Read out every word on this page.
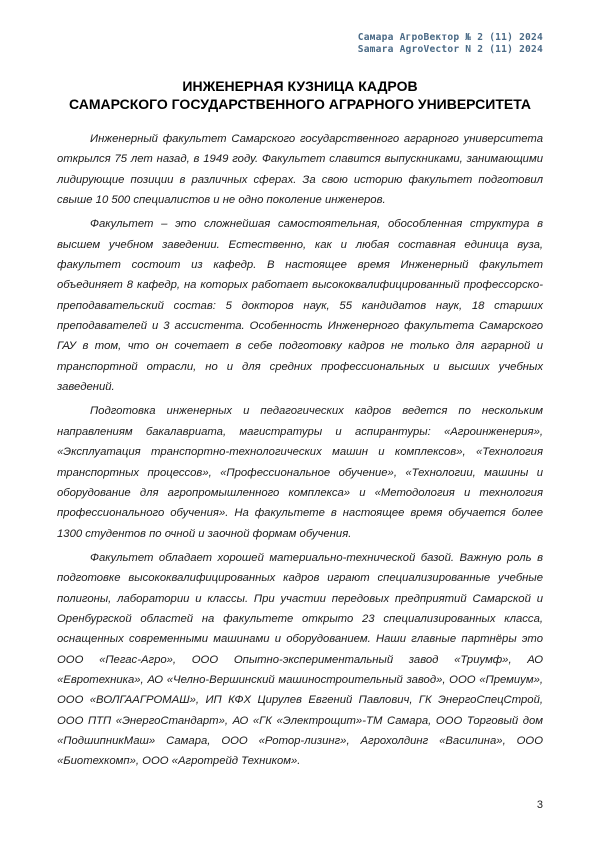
Самара АгроВектор № 2 (11) 2024
Samara AgroVector N 2 (11) 2024
ИНЖЕНЕРНАЯ КУЗНИЦА КАДРОВ
САМАРСКОГО ГОСУДАРСТВЕННОГО АГРАРНОГО УНИВЕРСИТЕТА

Инженерный факультет Самарского государственного аграрного университета открылся 75 лет назад, в 1949 году. Факультет славится выпускниками, занимающими лидирующие позиции в различных сферах. За свою историю факультет подготовил свыше 10 500 специалистов и не одно поколение инженеров.

Факультет – это сложнейшая самостоятельная, обособленная структура в высшем учебном заведении. Естественно, как и любая составная единица вуза, факультет состоит из кафедр. В настоящее время Инженерный факультет объединяет 8 кафедр, на которых работает высококвалифицированный профессорско-преподавательский состав: 5 докторов наук, 55 кандидатов наук, 18 старших преподавателей и 3 ассистента. Особенность Инженерного факультета Самарского ГАУ в том, что он сочетает в себе подготовку кадров не только для аграрной и транспортной отрасли, но и для средних профессиональных и высших учебных заведений.

Подготовка инженерных и педагогических кадров ведется по нескольким направлениям бакалавриата, магистратуры и аспирантуры: «Агроинженерия», «Эксплуатация транспортно-технологических машин и комплексов», «Технология транспортных процессов», «Профессиональное обучение», «Технологии, машины и оборудование для агропромышленного комплекса» и «Методология и технология профессионального обучения». На факультете в настоящее время обучается более 1300 студентов по очной и заочной формам обучения.

Факультет обладает хорошей материально-технической базой. Важную роль в подготовке высококвалифицированных кадров играют специализированные учебные полигоны, лаборатории и классы. При участии передовых предприятий Самарской и Оренбургской областей на факультете открыто 23 специализированных класса, оснащенных современными машинами и оборудованием. Наши главные партнёры это ООО «Пегас-Агро», ООО Опытно-экспериментальный завод «Триумф», АО «Евротехника», АО «Челно-Вершинский машиностроительный завод», ООО «Премиум», ООО «ВОЛГААГРОМАШ», ИП КФХ Цирулев Евгений Павлович, ГК ЭнергоСпецСтрой, ООО ПТП «ЭнергоСтандарт», АО «ГК «Электрощит»-ТМ Самара, ООО Торговый дом «ПодшипникМаш» Самара, ООО «Ротор-лизинг», Агрохолдинг «Василина», ООО «Биотехкомп», ООО «Агротрейд Техником».

3
